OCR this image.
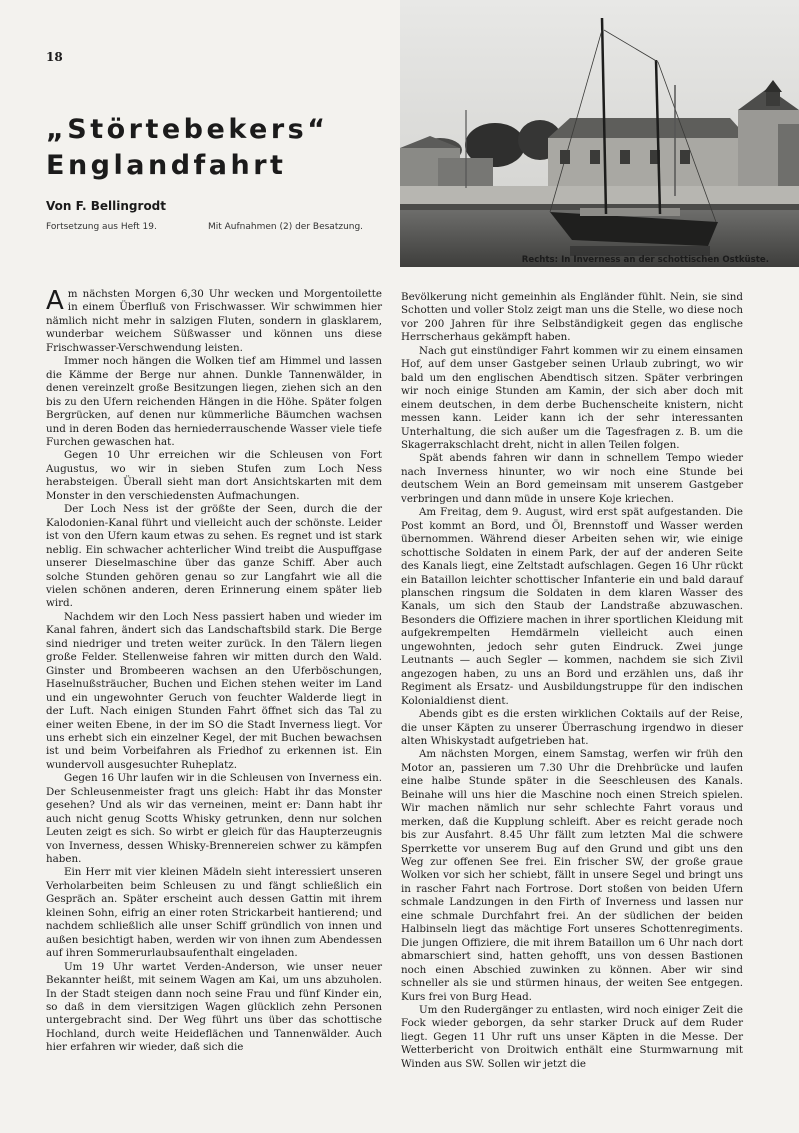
18
„Störtebekers“
Englandfahrt
Von F. Bellingrodt
Fortsetzung aus Heft 19.	Mit Aufnahmen (2) der Besatzung.
Rechts: In Inverness an der schottischen Ostküste.

Am nächsten Morgen 6,30 Uhr wecken und Morgentoilette in einem Überfluß von Frischwasser. Wir schwimmen hier nämlich nicht mehr in salzigen Fluten, sondern in glasklarem, wunderbar weichem Süßwasser und können uns diese Frischwasser-Verschwendung leisten.

Immer noch hängen die Wolken tief am Himmel und lassen die Kämme der Berge nur ahnen. Dunkle Tannenwälder, in denen vereinzelt große Besitzungen liegen, ziehen sich an den bis zu den Ufern reichenden Hängen in die Höhe. Später folgen Bergrücken, auf denen nur kümmerliche Bäumchen wachsen und in deren Boden das herniederrauschende Wasser viele tiefe Furchen gewaschen hat.

Gegen 10 Uhr erreichen wir die Schleusen von Fort Augustus, wo wir in sieben Stufen zum Loch Ness herabsteigen. Überall sieht man dort Ansichtskarten mit dem Monster in den verschiedensten Aufmachungen.

Der Loch Ness ist der größte der Seen, durch die der Kalodonien-Kanal führt und vielleicht auch der schönste. Leider ist von den Ufern kaum etwas zu sehen. Es regnet und ist stark neblig. Ein schwacher achterlicher Wind treibt die Auspuffgase unserer Dieselmaschine über das ganze Schiff. Aber auch solche Stunden gehören genau so zur Langfahrt wie all die vielen schönen anderen, deren Erinnerung einem später lieb wird.

Nachdem wir den Loch Ness passiert haben und wieder im Kanal fahren, ändert sich das Landschaftsbild stark. Die Berge sind niedriger und treten weiter zurück. In den Tälern liegen große Felder. Stellenweise fahren wir mitten durch den Wald. Ginster und Brombeeren wachsen an den Uferböschungen, Haselnußsträucher, Buchen und Eichen stehen weiter im Land und ein ungewohnter Geruch von feuchter Walderde liegt in der Luft. Nach einigen Stunden Fahrt öffnet sich das Tal zu einer weiten Ebene, in der im SO die Stadt Inverness liegt. Vor uns erhebt sich ein einzelner Kegel, der mit Buchen bewachsen ist und beim Vorbeifahren als Friedhof zu erkennen ist. Ein wundervoll ausgesuchter Ruheplatz.

Gegen 16 Uhr laufen wir in die Schleusen von Inverness ein. Der Schleusenmeister fragt uns gleich: Habt ihr das Monster gesehen? Und als wir das verneinen, meint er: Dann habt ihr auch nicht genug Scotts Whisky getrunken, denn nur solchen Leuten zeigt es sich. So wirbt er gleich für das Haupterzeugnis von Inverness, dessen Whisky-Brennereien schwer zu kämpfen haben.

Ein Herr mit vier kleinen Mädeln sieht interessiert unseren Verholarbeiten beim Schleusen zu und fängt schließlich ein Gespräch an. Später erscheint auch dessen Gattin mit ihrem kleinen Sohn, eifrig an einer roten Strickarbeit hantierend; und nachdem schließlich alle unser Schiff gründlich von innen und außen besichtigt haben, werden wir von ihnen zum Abendessen auf ihren Sommerurlaubsaufenthalt eingeladen.

Um 19 Uhr wartet Verden-Anderson, wie unser neuer Bekannter heißt, mit seinem Wagen am Kai, um uns abzuholen. In der Stadt steigen dann noch seine Frau und fünf Kinder ein, so daß in dem viersitzigen Wagen glücklich zehn Personen untergebracht sind. Der Weg führt uns über das schottische Hochland, durch weite Heideflächen und Tannenwälder. Auch hier erfahren wir wieder, daß sich die

Bevölkerung nicht gemeinhin als Engländer fühlt. Nein, sie sind Schotten und voller Stolz zeigt man uns die Stelle, wo diese noch vor 200 Jahren für ihre Selbständigkeit gegen das englische Herrscherhaus gekämpft haben.

Nach gut einstündiger Fahrt kommen wir zu einem einsamen Hof, auf dem unser Gastgeber seinen Urlaub zubringt, wo wir bald um den englischen Abendtisch sitzen. Später verbringen wir noch einige Stunden am Kamin, der sich aber doch mit einem deutschen, in dem derbe Buchenscheite knistern, nicht messen kann. Leider kann ich der sehr interessanten Unterhaltung, die sich außer um die Tagesfragen z. B. um die Skagerrakschlacht dreht, nicht in allen Teilen folgen.

Spät abends fahren wir dann in schnellem Tempo wieder nach Inverness hinunter, wo wir noch eine Stunde bei deutschem Wein an Bord gemeinsam mit unserem Gastgeber verbringen und dann müde in unsere Koje kriechen.

Am Freitag, dem 9. August, wird erst spät aufgestanden. Die Post kommt an Bord, und Öl, Brennstoff und Wasser werden übernommen. Während dieser Arbeiten sehen wir, wie einige schottische Soldaten in einem Park, der auf der anderen Seite des Kanals liegt, eine Zeltstadt aufschlagen. Gegen 16 Uhr rückt ein Bataillon leichter schottischer Infanterie ein und bald darauf planschen ringsum die Soldaten in dem klaren Wasser des Kanals, um sich den Staub der Landstraße abzuwaschen. Besonders die Offiziere machen in ihrer sportlichen Kleidung mit aufgekrempelten Hemdärmeln vielleicht auch einen ungewohnten, jedoch sehr guten Eindruck. Zwei junge Leutnants — auch Segler — kommen, nachdem sie sich Zivil angezogen haben, zu uns an Bord und erzählen uns, daß ihr Regiment als Ersatz- und Ausbildungstruppe für den indischen Kolonialdienst dient.

Abends gibt es die ersten wirklichen Coktails auf der Reise, die unser Käpten zu unserer Überraschung irgendwo in dieser alten Whiskystadt aufgetrieben hat.

Am nächsten Morgen, einem Samstag, werfen wir früh den Motor an, passieren um 7.30 Uhr die Drehbrücke und laufen eine halbe Stunde später in die Seeschleusen des Kanals. Beinahe will uns hier die Maschine noch einen Streich spielen. Wir machen nämlich nur sehr schlechte Fahrt voraus und merken, daß die Kupplung schleift. Aber es reicht gerade noch bis zur Ausfahrt. 8.45 Uhr fällt zum letzten Mal die schwere Sperrkette vor unserem Bug auf den Grund und gibt uns den Weg zur offenen See frei. Ein frischer SW, der große graue Wolken vor sich her schiebt, fällt in unsere Segel und bringt uns in rascher Fahrt nach Fortrose. Dort stoßen von beiden Ufern schmale Landzungen in den Firth of Inverness und lassen nur eine schmale Durchfahrt frei. An der südlichen der beiden Halbinseln liegt das mächtige Fort unseres Schottenregiments. Die jungen Offiziere, die mit ihrem Bataillon um 6 Uhr nach dort abmarschiert sind, hatten gehofft, uns von dessen Bastionen noch einen Abschied zuwinken zu können. Aber wir sind schneller als sie und stürmen hinaus, der weiten See entgegen. Kurs frei von Burg Head.

Um den Rudergänger zu entlasten, wird noch einiger Zeit die Fock wieder geborgen, da sehr starker Druck auf dem Ruder liegt. Gegen 11 Uhr ruft uns unser Käpten in die Messe. Der Wetterbericht von Droitwich enthält eine Sturmwarnung mit Winden aus SW. Sollen wir jetzt die
